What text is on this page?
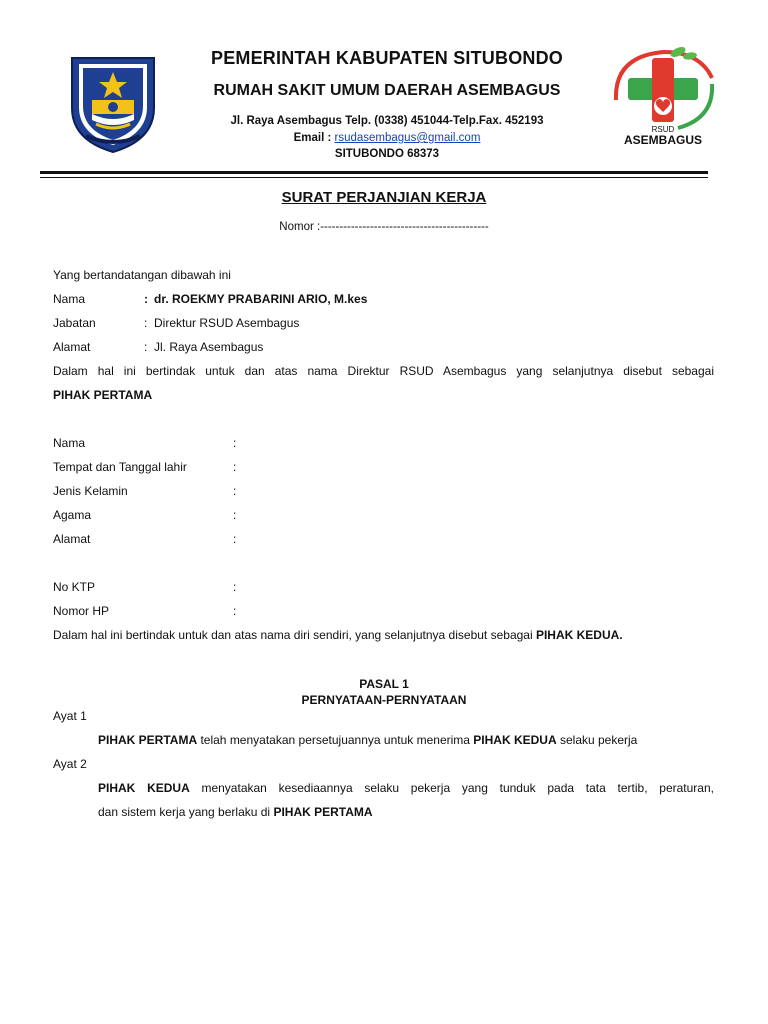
PEMERINTAH KABUPATEN SITUBONDO

RUMAH SAKIT UMUM DAERAH ASEMBAGUS

Jl. Raya Asembagus Telp. (0338) 451044-Telp.Fax. 452193

Email : rsudasembagus@gmail.com

SITUBONDO 68373

RSUD
ASEMBAGUS
SURAT PERJANJIAN KERJA
Nomor :--------------------------------------------
Yang bertandatangan dibawah ini
Nama	: dr. ROEKMY PRABARINI ARIO, M.kes
Jabatan	: Direktur RSUD Asembagus
Alamat	: Jl. Raya Asembagus
Dalam hal ini bertindak untuk dan atas nama Direktur RSUD Asembagus yang selanjutnya disebut sebagai
PIHAK PERTAMA
Nama	:
Tempat dan Tanggal lahir	:
Jenis Kelamin	:
Agama	:
Alamat	:
No KTP	:
Nomor HP	:
Dalam hal ini bertindak untuk dan atas nama diri sendiri, yang selanjutnya disebut sebagai PIHAK KEDUA.
PASAL 1
PERNYATAAN-PERNYATAAN
Ayat 1
PIHAK PERTAMA telah menyatakan persetujuannya untuk menerima PIHAK KEDUA selaku pekerja
Ayat 2
PIHAK KEDUA menyatakan kesediaannya selaku pekerja yang tunduk pada tata tertib, peraturan,
dan sistem kerja yang berlaku di PIHAK PERTAMA
